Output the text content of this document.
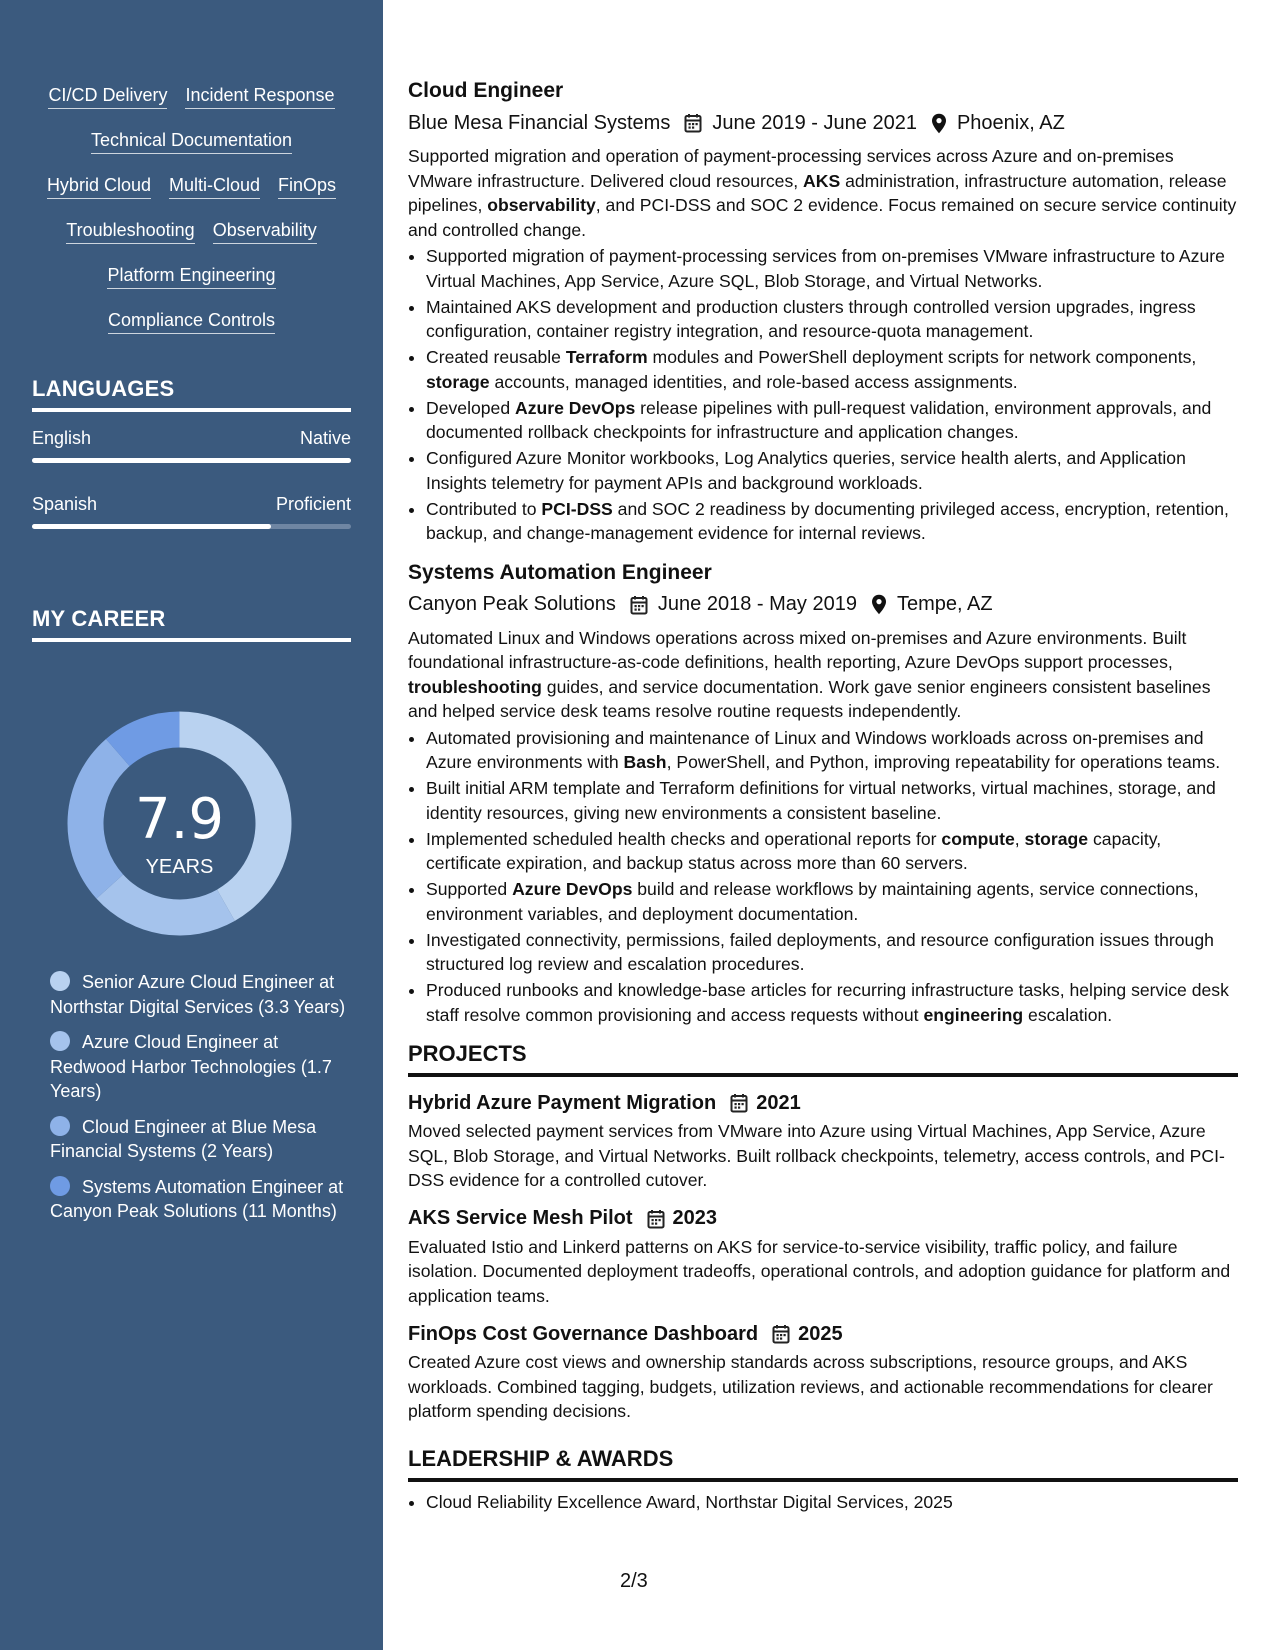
CI/CD Delivery Incident Response
Technical Documentation
Hybrid Cloud Multi-Cloud FinOps
Troubleshooting Observability
Platform Engineering
Compliance Controls
LANGUAGES
English	Native
Spanish	Proficient
MY CAREER
7.9
YEARS
Senior Azure Cloud Engineer at Northstar Digital Services (3.3 Years)
Azure Cloud Engineer at Redwood Harbor Technologies (1.7 Years)
Cloud Engineer at Blue Mesa Financial Systems (2 Years)
Systems Automation Engineer at Canyon Peak Solutions (11 Months)
Cloud Engineer
Blue Mesa Financial Systems June 2019 - June 2021 Phoenix, AZ

Supported migration and operation of payment-processing services across Azure and on-premises VMware infrastructure. Delivered cloud resources, AKS administration, infrastructure automation, release pipelines, observability, and PCI-DSS and SOC 2 evidence. Focus remained on secure service continuity and controlled change.

• Supported migration of payment-processing services from on-premises VMware infrastructure to Azure Virtual Machines, App Service, Azure SQL, Blob Storage, and Virtual Networks.
• Maintained AKS development and production clusters through controlled version upgrades, ingress configuration, container registry integration, and resource-quota management.
• Created reusable Terraform modules and PowerShell deployment scripts for network components, storage accounts, managed identities, and role-based access assignments.
• Developed Azure DevOps release pipelines with pull-request validation, environment approvals, and documented rollback checkpoints for infrastructure and application changes.
• Configured Azure Monitor workbooks, Log Analytics queries, service health alerts, and Application Insights telemetry for payment APIs and background workloads.
• Contributed to PCI-DSS and SOC 2 readiness by documenting privileged access, encryption, retention, backup, and change-management evidence for internal reviews.
Systems Automation Engineer
Canyon Peak Solutions June 2018 - May 2019 Tempe, AZ

Automated Linux and Windows operations across mixed on-premises and Azure environments. Built foundational infrastructure-as-code definitions, health reporting, Azure DevOps support processes, troubleshooting guides, and service documentation. Work gave senior engineers consistent baselines and helped service desk teams resolve routine requests independently.

• Automated provisioning and maintenance of Linux and Windows workloads across on-premises and Azure environments with Bash, PowerShell, and Python, improving repeatability for operations teams.
• Built initial ARM template and Terraform definitions for virtual networks, virtual machines, storage, and identity resources, giving new environments a consistent baseline.
• Implemented scheduled health checks and operational reports for compute, storage capacity, certificate expiration, and backup status across more than 60 servers.
• Supported Azure DevOps build and release workflows by maintaining agents, service connections, environment variables, and deployment documentation.
• Investigated connectivity, permissions, failed deployments, and resource configuration issues through structured log review and escalation procedures.
• Produced runbooks and knowledge-base articles for recurring infrastructure tasks, helping service desk staff resolve common provisioning and access requests without engineering escalation.
PROJECTS
Hybrid Azure Payment Migration 2021

Moved selected payment services from VMware into Azure using Virtual Machines, App Service, Azure SQL, Blob Storage, and Virtual Networks. Built rollback checkpoints, telemetry, access controls, and PCI-DSS evidence for a controlled cutover.

AKS Service Mesh Pilot 2023

Evaluated Istio and Linkerd patterns on AKS for service-to-service visibility, traffic policy, and failure isolation. Documented deployment tradeoffs, operational controls, and adoption guidance for platform and application teams.

FinOps Cost Governance Dashboard 2025

Created Azure cost views and ownership standards across subscriptions, resource groups, and AKS workloads. Combined tagging, budgets, utilization reviews, and actionable recommendations for clearer platform spending decisions.

LEADERSHIP & AWARDS
• Cloud Reliability Excellence Award, Northstar Digital Services, 2025
2/3
